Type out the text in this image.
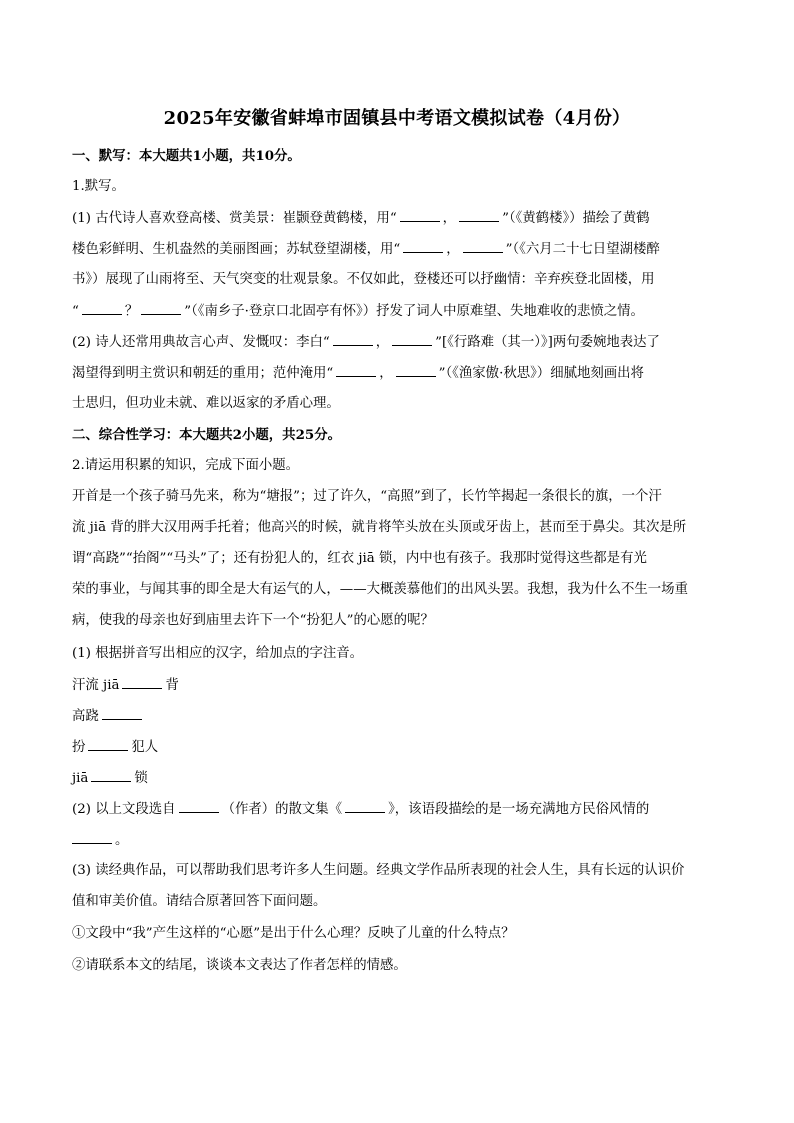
2025年安徽省蚌埠市固镇县中考语文模拟试卷（4月份）
一、默写：本大题共1小题，共10分。
1.默写。
(1) 古代诗人喜欢登高楼、赏美景：崔颢登黄鹤楼，用“	，	”（《黄鹤楼》）描绘了黄鹤
楼色彩鲜明、生机盎然的美丽图画；苏轼登望湖楼，用“	，	”（《六月二十七日望湖楼醉
书》）展现了山雨将至、天气突变的壮观景象。不仅如此，登楼还可以抒幽情：辛弃疾登北固楼，用
“	？	”（《南乡子·登京口北固亭有怀》）抒发了词人中原难望、失地难收的悲愤之情。
(2) 诗人还常用典故言心声、发慨叹：李白“	，	”[《行路难（其一）》]两句委婉地表达了
渴望得到明主赏识和朝廷的重用；范仲淹用“	，	”（《渔家傲·秋思》）细腻地刻画出将
士思归，但功业未就、难以返家的矛盾心理。
二、综合性学习：本大题共2小题，共25分。
2.请运用积累的知识，完成下面小题。
开首是一个孩子骑马先来，称为“塘报”；过了许久，“高照”到了，长竹竿揭起一条很长的旗，一个汗
流 jiā 背的胖大汉用两手托着；他高兴的时候，就肯将竿头放在头顶或牙齿上，甚而至于鼻尖。其次是所
谓“高跷”“抬阁”“马头”了；还有扮犯人的，红衣 jiā 锁，内中也有孩子。我那时觉得这些都是有光
荣的事业，与闻其事的即全是大有运气的人，——大概羡慕他们的出风头罢。我想，我为什么不生一场重
病，使我的母亲也好到庙里去许下一个“扮犯人”的心愿的呢？
(1) 根据拼音写出相应的汉字，给加点的字注音。
汗流 jiā	背
高跷
扮	犯人
jiā	锁
(2) 以上文段选自	（作者）的散文集《	》，该语段描绘的是一场充满地方民俗风情的
。
(3) 读经典作品，可以帮助我们思考许多人生问题。经典文学作品所表现的社会人生，具有长远的认识价
值和审美价值。请结合原著回答下面问题。
①文段中“我”产生这样的“心愿”是出于什么心理？反映了儿童的什么特点？
②请联系本文的结尾，谈谈本文表达了作者怎样的情感。
